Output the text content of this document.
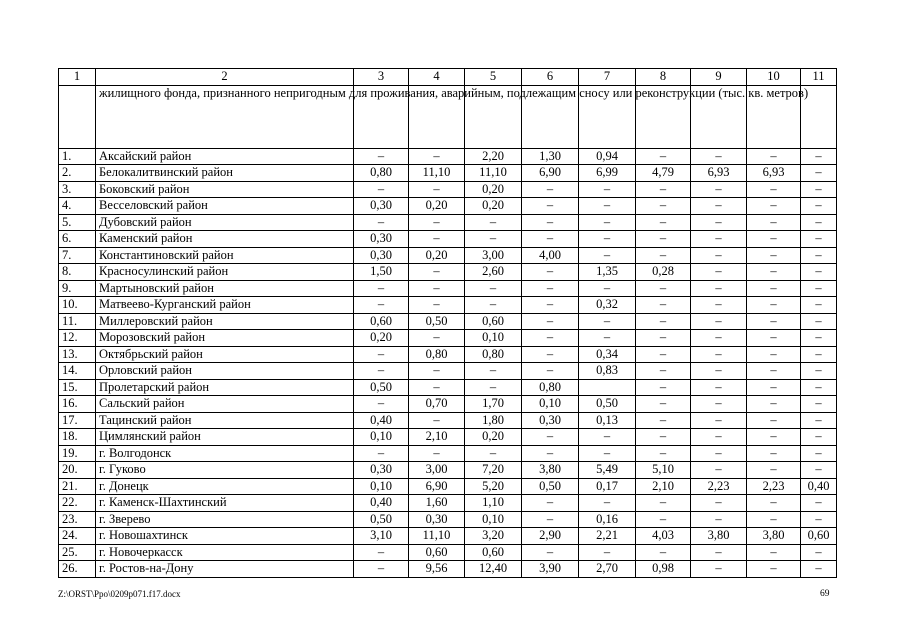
1	2	3	4	5	6	7	8	9	10	11
	жилищного фонда, признанного непригодным для проживания, аварийным, подлежащим сносу или реконструкции (тыс. кв. метров)									
1.	Аксайский район	–	–	2,20	1,30	0,94	–	–	–	–
2.	Белокалитвинский район	0,80	11,10	11,10	6,90	6,99	4,79	6,93	6,93	–
3.	Боковский район	–	–	0,20	–	–	–	–	–	–
4.	Весселовский район	0,30	0,20	0,20	–	–	–	–	–	–
5.	Дубовский район	–	–	–	–	–	–	–	–	–
6.	Каменский район	0,30	–	–	–	–	–	–	–	–
7.	Константиновский район	0,30	0,20	3,00	4,00	–	–	–	–	–
8.	Красносулинский район	1,50	–	2,60	–	1,35	0,28	–	–	–
9.	Мартыновский район	–	–	–	–	–	–	–	–	–
10.	Матвеево-Курганский район	–	–	–	–	0,32	–	–	–	–
11.	Миллеровский район	0,60	0,50	0,60	–	–	–	–	–	–
12.	Морозовский район	0,20	–	0,10	–	–	–	–	–	–
13.	Октябрьский район	–	0,80	0,80	–	0,34	–	–	–	–
14.	Орловский район	–	–	–	–	0,83	–	–	–	–
15.	Пролетарский район	0,50	–	–	0,80		–	–	–	–
16.	Сальский район	–	0,70	1,70	0,10	0,50	–	–	–	–
17.	Тацинский район	0,40	–	1,80	0,30	0,13	–	–	–	–
18.	Цимлянский район	0,10	2,10	0,20	–	–	–	–	–	–
19.	г. Волгодонск	–	–	–	–	–	–	–	–	–
20.	г. Гуково	0,30	3,00	7,20	3,80	5,49	5,10	–	–	–
21.	г. Донецк	0,10	6,90	5,20	0,50	0,17	2,10	2,23	2,23	0,40
22.	г. Каменск-Шахтинский	0,40	1,60	1,10	–	–	–	–	–	–
23.	г. Зверево	0,50	0,30	0,10	–	0,16	–	–	–	–
24.	г. Новошахтинск	3,10	11,10	3,20	2,90	2,21	4,03	3,80	3,80	0,60
25.	г. Новочеркасск	–	0,60	0,60	–	–	–	–	–	–
26.	г. Ростов-на-Дону	–	9,56	12,40	3,90	2,70	0,98	–	–	–
Z:\ORST\Ppo\0209p071.f17.docx	69
